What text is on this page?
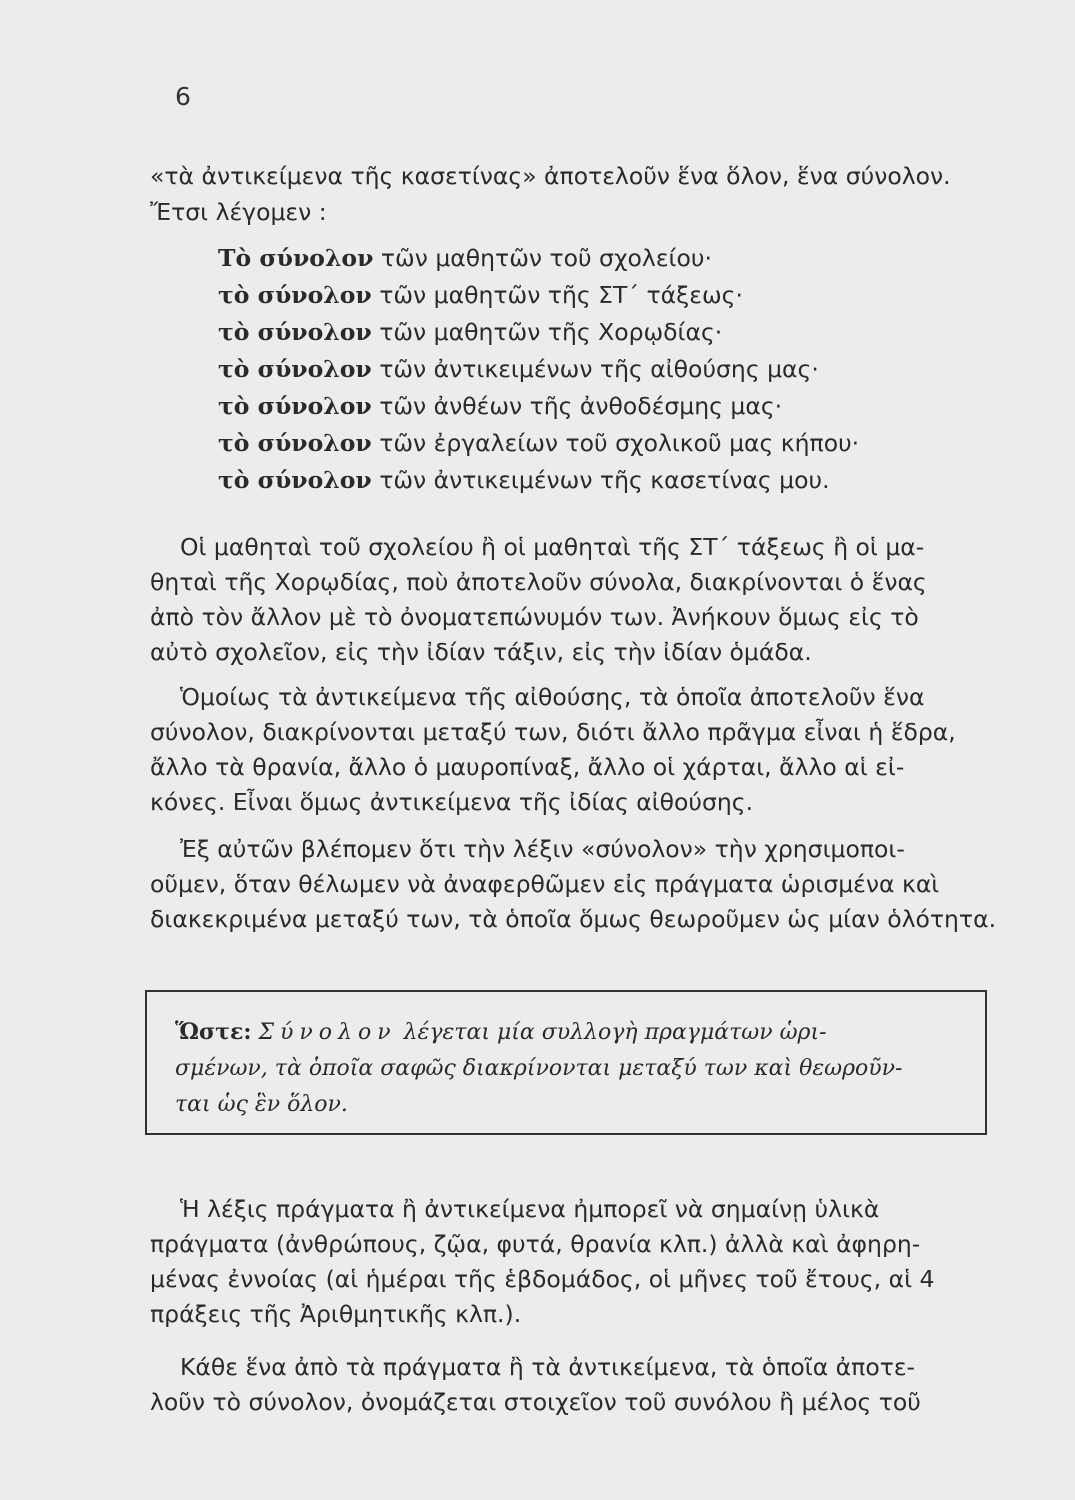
6
«τὰ ἀντικείμενα τῆς κασετίνας» ἀποτελοῦν ἕνα ὅλον, ἕνα σύνολον.
Ἔτσι λέγομεν :
Τὸ σύνολον τῶν μαθητῶν τοῦ σχολείου·
τὸ σύνολον τῶν μαθητῶν τῆς ΣΤ´ τάξεως·
τὸ σύνολον τῶν μαθητῶν τῆς Χορῳδίας·
τὸ σύνολον τῶν ἀντικειμένων τῆς αἰθούσης μας·
τὸ σύνολον τῶν ἀνθέων τῆς ἀνθοδέσμης μας·
τὸ σύνολον τῶν ἐργαλείων τοῦ σχολικοῦ μας κήπου·
τὸ σύνολον τῶν ἀντικειμένων τῆς κασετίνας μου.
Οἱ μαθηταὶ τοῦ σχολείου ἢ οἱ μαθηταὶ τῆς ΣΤ´ τάξεως ἢ οἱ μα-
θηταὶ τῆς Χορῳδίας, ποὺ ἀποτελοῦν σύνολα, διακρίνονται ὁ ἕνας
ἀπὸ τὸν ἄλλον μὲ τὸ ὀνοματεπώνυμόν των. Ἀνήκουν ὅμως εἰς τὸ
αὐτὸ σχολεῖον, εἰς τὴν ἰδίαν τάξιν, εἰς τὴν ἰδίαν ὁμάδα.
Ὁμοίως τὰ ἀντικείμενα τῆς αἰθούσης, τὰ ὁποῖα ἀποτελοῦν ἕνα
σύνολον, διακρίνονται μεταξύ των, διότι ἄλλο πρᾶγμα εἶναι ἡ ἕδρα,
ἄλλο τὰ θρανία, ἄλλο ὁ μαυροπίναξ, ἄλλο οἱ χάρται, ἄλλο αἱ εἰ-
κόνες. Εἶναι ὅμως ἀντικείμενα τῆς ἰδίας αἰθούσης.
Ἐξ αὐτῶν βλέπομεν ὅτι τὴν λέξιν «σύνολον» τὴν χρησιμοποι-
οῦμεν, ὅταν θέλωμεν νὰ ἀναφερθῶμεν εἰς πράγματα ὡρισμένα καὶ
διακεκριμένα μεταξύ των, τὰ ὁποῖα ὅμως θεωροῦμεν ὡς μίαν ὁλότητα.
Ὥστε: Σύνολον λέγεται μία συλλογὴ πραγμάτων ὡρι-
σμένων, τὰ ὁποῖα σαφῶς διακρίνονται μεταξύ των καὶ θεωροῦν-
ται ὡς ἓν ὅλον.
Ἡ λέξις πράγματα ἢ ἀντικείμενα ἠμπορεῖ νὰ σημαίνῃ ὑλικὰ
πράγματα (ἀνθρώπους, ζῷα, φυτά, θρανία κλπ.) ἀλλὰ καὶ ἀφηρη-
μένας ἐννοίας (αἱ ἡμέραι τῆς ἑβδομάδος, οἱ μῆνες τοῦ ἔτους, αἱ 4
πράξεις τῆς Ἀριθμητικῆς κλπ.).
Κάθε ἕνα ἀπὸ τὰ πράγματα ἢ τὰ ἀντικείμενα, τὰ ὁποῖα ἀποτε-
λοῦν τὸ σύνολον, ὀνομάζεται στοιχεῖον τοῦ συνόλου ἢ μέλος τοῦ
